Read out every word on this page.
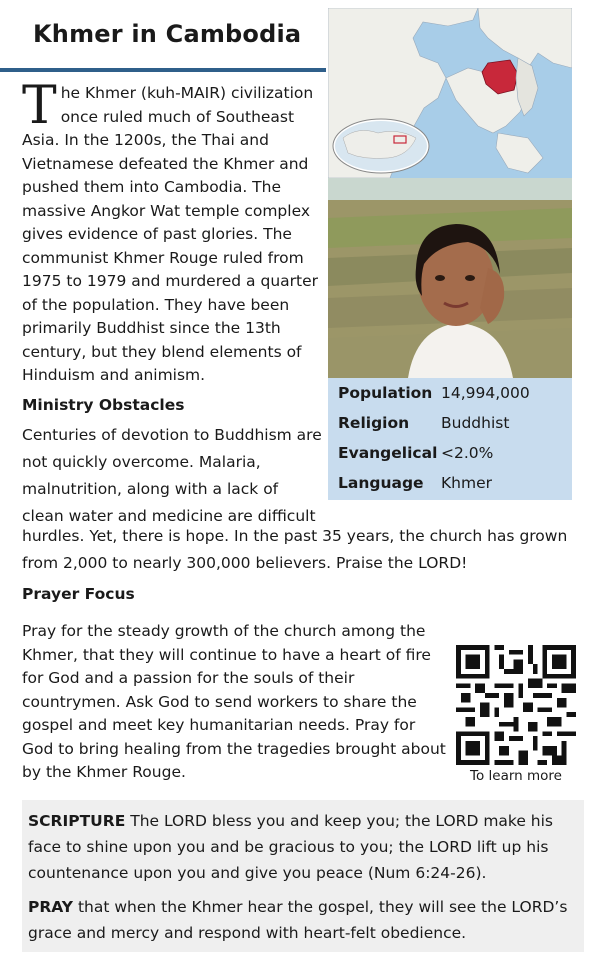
Khmer in Cambodia
Population 14,994,000
Religion Buddhist
Evangelical <2.0%
Language Khmer
The Khmer (kuh-MAIR) civilization once ruled much of Southeast Asia. In the 1200s, the Thai and Vietnamese defeated the Khmer and pushed them into Cambodia. The massive Angkor Wat temple complex gives evidence of past glories. The communist Khmer Rouge ruled from 1975 to 1979 and murdered a quarter of the population. They have been primarily Buddhist since the 13th century, but they blend elements of Hinduism and animism.
Ministry Obstacles
Centuries of devotion to Buddhism are not quickly overcome. Malaria, malnutrition, along with a lack of clean water and medicine are difficult
hurdles. Yet, there is hope. In the past 35 years, the church has grown from 2,000 to nearly 300,000 believers. Praise the LORD!
Prayer Focus
Pray for the steady growth of the church among the Khmer, that they will continue to have a heart of fire for God and a passion for the souls of their countrymen. Ask God to send workers to share the gospel and meet key humanitarian needs. Pray for God to bring healing from the tragedies brought about by the Khmer Rouge.	To learn more

SCRIPTURE The LORD bless you and keep you; the LORD make his face to shine upon you and be gracious to you; the LORD lift up his countenance upon you and give you peace (Num 6:24-26).

PRAY that when the Khmer hear the gospel, they will see the LORD’s grace and mercy and respond with heart-felt obedience.
